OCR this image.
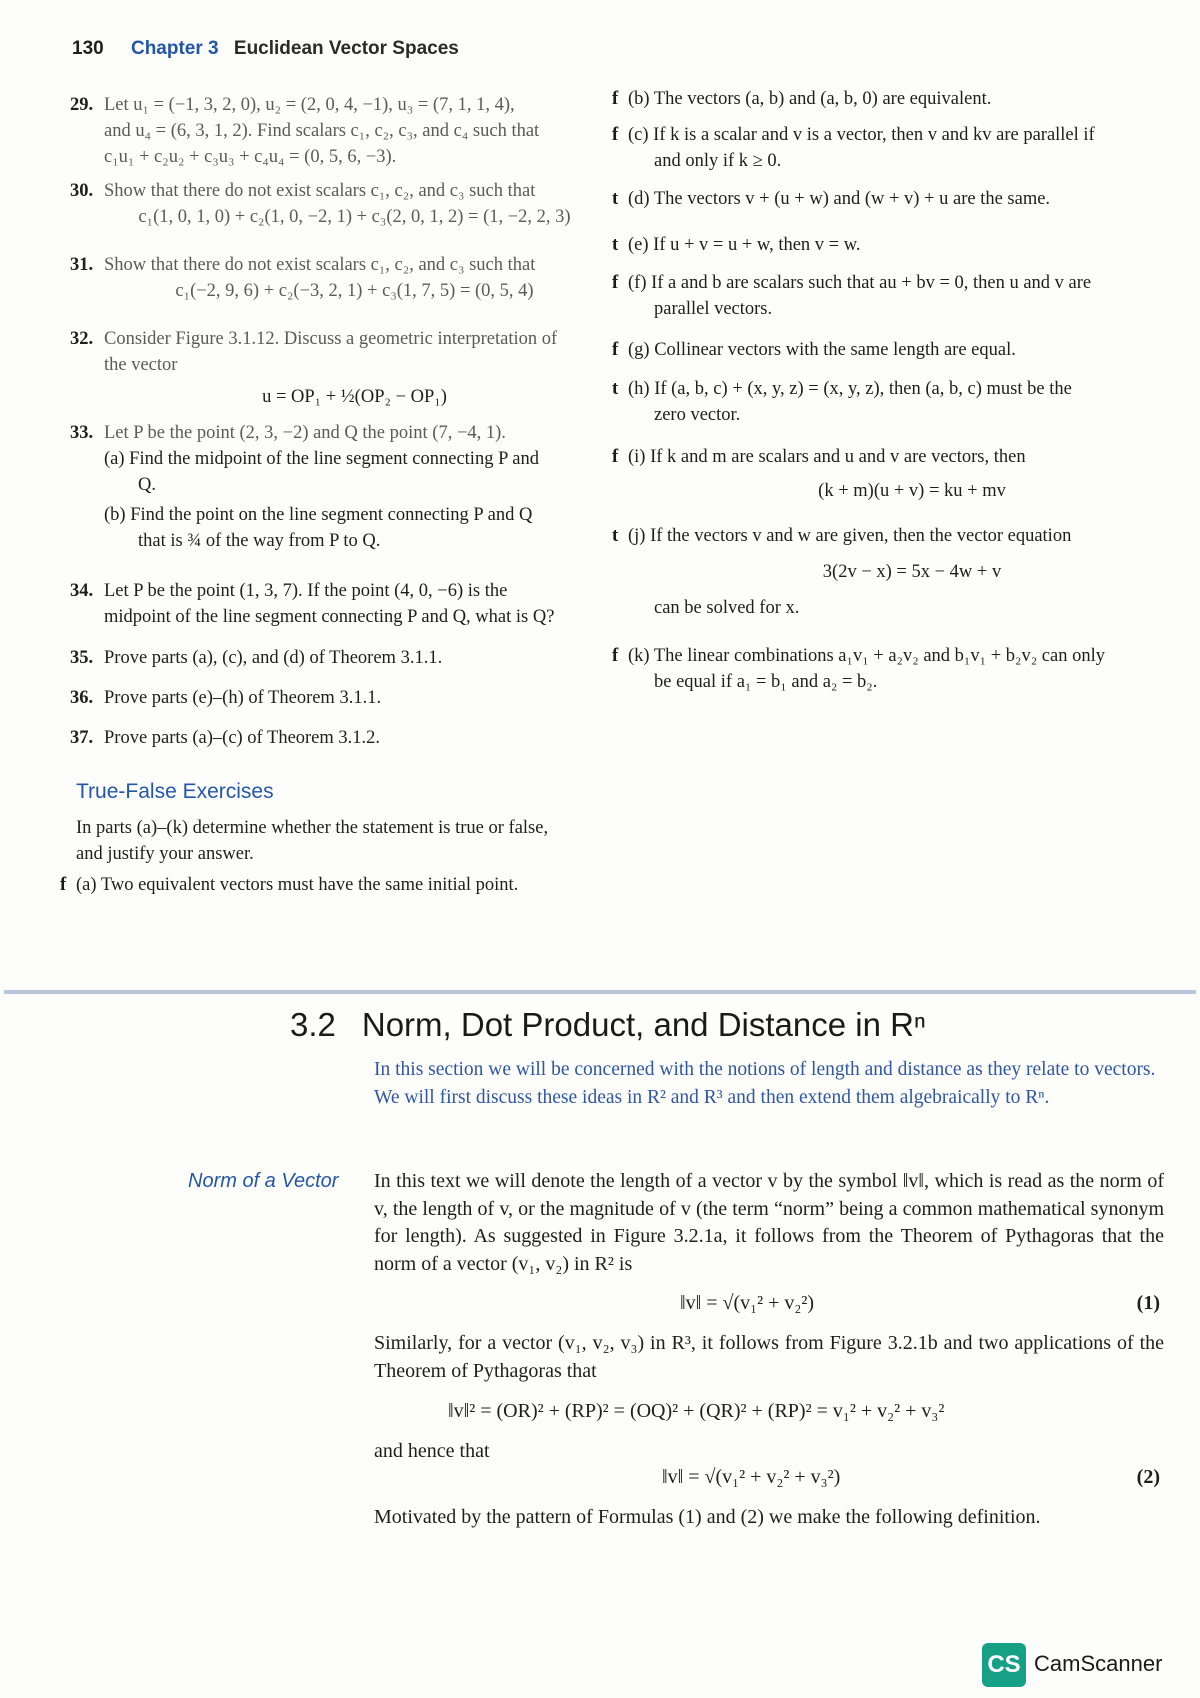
130 Chapter 3 Euclidean Vector Spaces
29. Let u₁ = (−1, 3, 2, 0), u₂ = (2, 0, 4, −1), u₃ = (7, 1, 1, 4),
and u₄ = (6, 3, 1, 2). Find scalars c₁, c₂, c₃, and c₄ such that
c₁u₁ + c₂u₂ + c₃u₃ + c₄u₄ = (0, 5, 6, −3).
30. Show that there do not exist scalars c₁, c₂, and c₃ such that
c₁(1, 0, 1, 0) + c₂(1, 0, −2, 1) + c₃(2, 0, 1, 2) = (1, −2, 2, 3)
31. Show that there do not exist scalars c₁, c₂, and c₃ such that
c₁(−2, 9, 6) + c₂(−3, 2, 1) + c₃(1, 7, 5) = (0, 5, 4)
32. Consider Figure 3.1.12. Discuss a geometric interpretation of
the vector
u = OP₁ + ½(OP₂ − OP₁)
33. Let P be the point (2, 3, −2) and Q the point (7, −4, 1).
(a) Find the midpoint of the line segment connecting P and
Q.
(b) Find the point on the line segment connecting P and Q
that is ¾ of the way from P to Q.
34. Let P be the point (1, 3, 7). If the point (4, 0, −6) is the
midpoint of the line segment connecting P and Q, what is Q?
35. Prove parts (a), (c), and (d) of Theorem 3.1.1.
36. Prove parts (e)–(h) of Theorem 3.1.1.
37. Prove parts (a)–(c) of Theorem 3.1.2.
True-False Exercises
In parts (a)–(k) determine whether the statement is true or false,
and justify your answer.
f (a) Two equivalent vectors must have the same initial point.
f (b) The vectors (a, b) and (a, b, 0) are equivalent.
f (c) If k is a scalar and v is a vector, then v and kv are parallel if
and only if k ≥ 0.
t (d) The vectors v + (u + w) and (w + v) + u are the same.
t (e) If u + v = u + w, then v = w.
f (f) If a and b are scalars such that au + bv = 0, then u and v are
parallel vectors.
f (g) Collinear vectors with the same length are equal.
t (h) If (a, b, c) + (x, y, z) = (x, y, z), then (a, b, c) must be the
zero vector.
f (i) If k and m are scalars and u and v are vectors, then
(k + m)(u + v) = ku + mv
t (j) If the vectors v and w are given, then the vector equation
3(2v − x) = 5x − 4w + v
can be solved for x.
f (k) The linear combinations a₁v₁ + a₂v₂ and b₁v₁ + b₂v₂ can only
be equal if a₁ = b₁ and a₂ = b₂.
3.2 Norm, Dot Product, and Distance in Rⁿ
In this section we will be concerned with the notions of length and distance as they relate to vectors. We will first discuss these ideas in R² and R³ and then extend them algebraically to Rⁿ.
Norm of a Vector In this text we will denote the length of a vector v by the symbol ‖v‖, which is read as the norm of v, the length of v, or the magnitude of v (the term “norm” being a common mathematical synonym for length). As suggested in Figure 3.2.1a, it follows from the Theorem of Pythagoras that the norm of a vector (v₁, v₂) in R² is
‖v‖ = √(v₁² + v₂²)	(1)
Similarly, for a vector (v₁, v₂, v₃) in R³, it follows from Figure 3.2.1b and two applications of the Theorem of Pythagoras that
‖v‖² = (OR)² + (RP)² = (OQ)² + (QR)² + (RP)² = v₁² + v₂² + v₃²
and hence that
‖v‖ = √(v₁² + v₂² + v₃²)	(2)
Motivated by the pattern of Formulas (1) and (2) we make the following definition.
CS CamScanner
